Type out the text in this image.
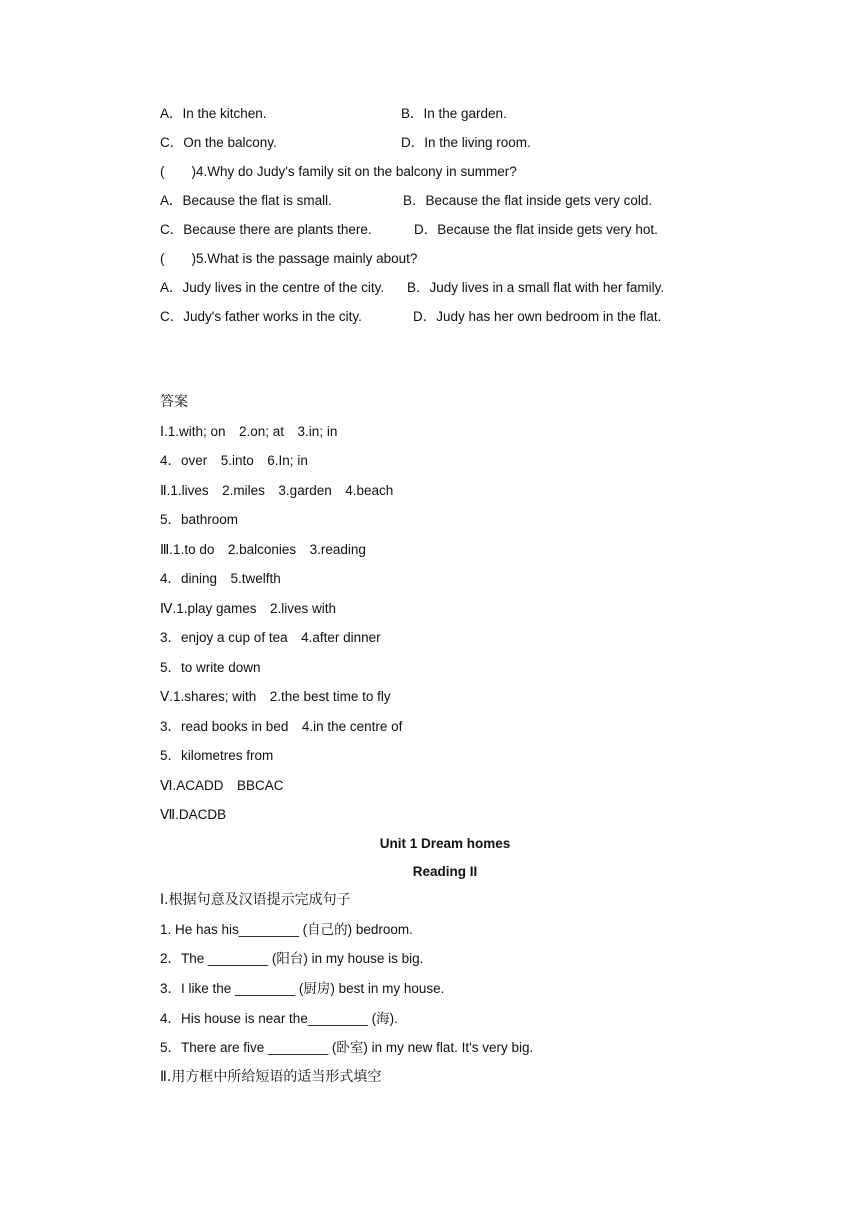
A．In the kitchen.	B．In the garden.
C．On the balcony.	D．In the living room.
(　　)4.Why do Judy's family sit on the balcony in summer?
A．Because the flat is small.	B．Because the flat inside gets very cold.
C．Because there are plants there.	D．Because the flat inside gets very hot.
(　　)5.What is the passage mainly about?
A．Judy lives in the centre of the city. B．Judy lives in a small flat with her family.
C．Judy's father works in the city.	D．Judy has her own bedroom in the flat.
答案
Ⅰ.1.with; on　2.on; at　3.in; in
4．over　5.into　6.In; in
Ⅱ.1.lives　2.miles　3.garden　4.beach
5．bathroom
Ⅲ.1.to do　2.balconies　3.reading
4．dining　5.twelfth
Ⅳ.1.play games　2.lives with
3．enjoy a cup of tea　4.after dinner
5．to write down
Ⅴ.1.shares; with　2.the best time to fly
3．read books in bed　4.in the centre of
5．kilometres from
Ⅵ.ACADD　BBCAC
Ⅶ.DACDB
Unit 1 Dream homes
Reading II
Ⅰ.根据句意及汉语提示完成句子
1. He has his________ (自己的) bedroom.
2．The ________ (阳台) in my house is big.
3．I like the ________ (厨房) best in my house.
4．His house is near the________ (海).
5．There are five ________ (卧室) in my new flat. It's very big.
Ⅱ.用方框中所给短语的适当形式填空
